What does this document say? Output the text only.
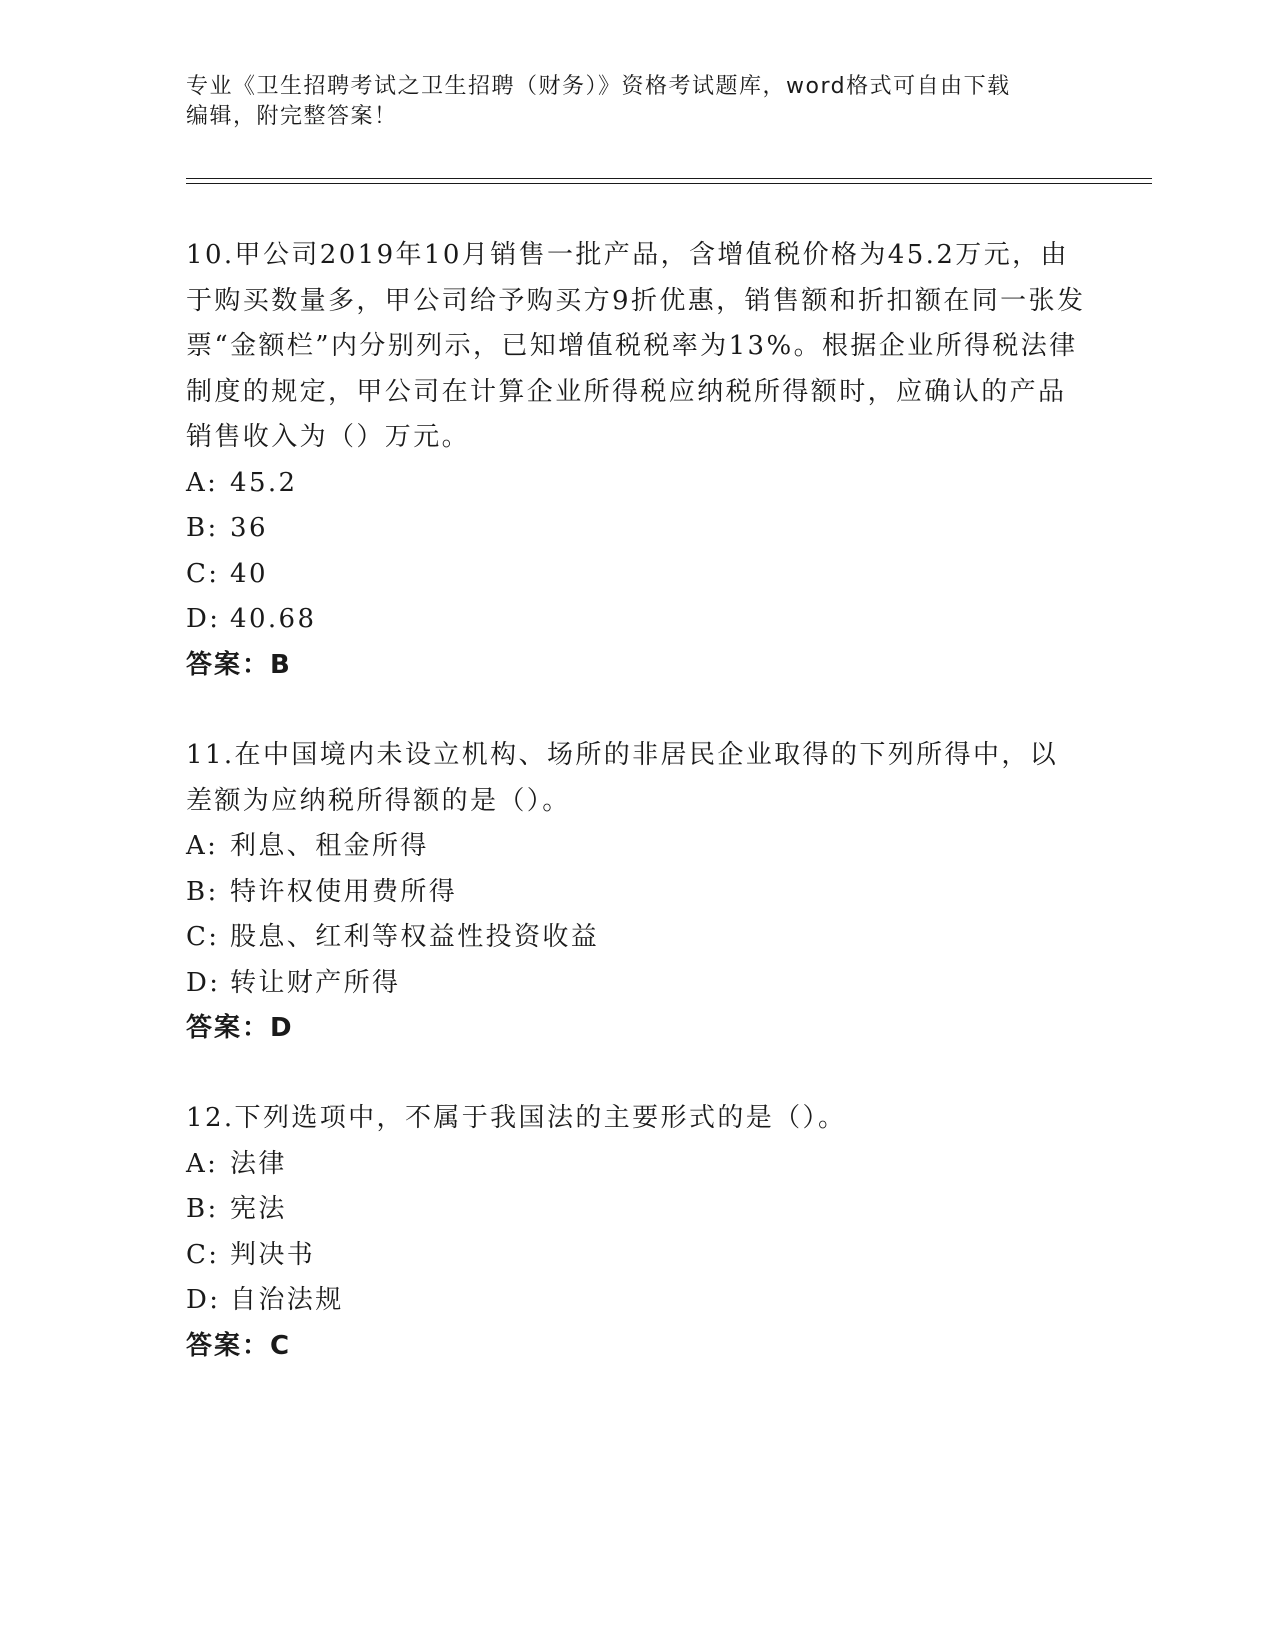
专业《卫生招聘考试之卫生招聘（财务）》资格考试题库，word格式可自由下载
编辑，附完整答案！

10.甲公司2019年10月销售一批产品，含增值税价格为45.2万元，由于购买数量多，甲公司给予购买方9折优惠，销售额和折扣额在同一张发票“金额栏”内分别列示，已知增值税税率为13%。根据企业所得税法律制度的规定，甲公司在计算企业所得税应纳税所得额时，应确认的产品销售收入为（）万元。

A: 45.2

B: 36

C: 40

D: 40.68

答案：B

11.在中国境内未设立机构、场所的非居民企业取得的下列所得中，以差额为应纳税所得额的是（）。

A: 利息、租金所得

B: 特许权使用费所得

C: 股息、红利等权益性投资收益

D: 转让财产所得

答案：D

12.下列选项中，不属于我国法的主要形式的是（）。

A: 法律

B: 宪法

C: 判决书

D: 自治法规

答案：C
